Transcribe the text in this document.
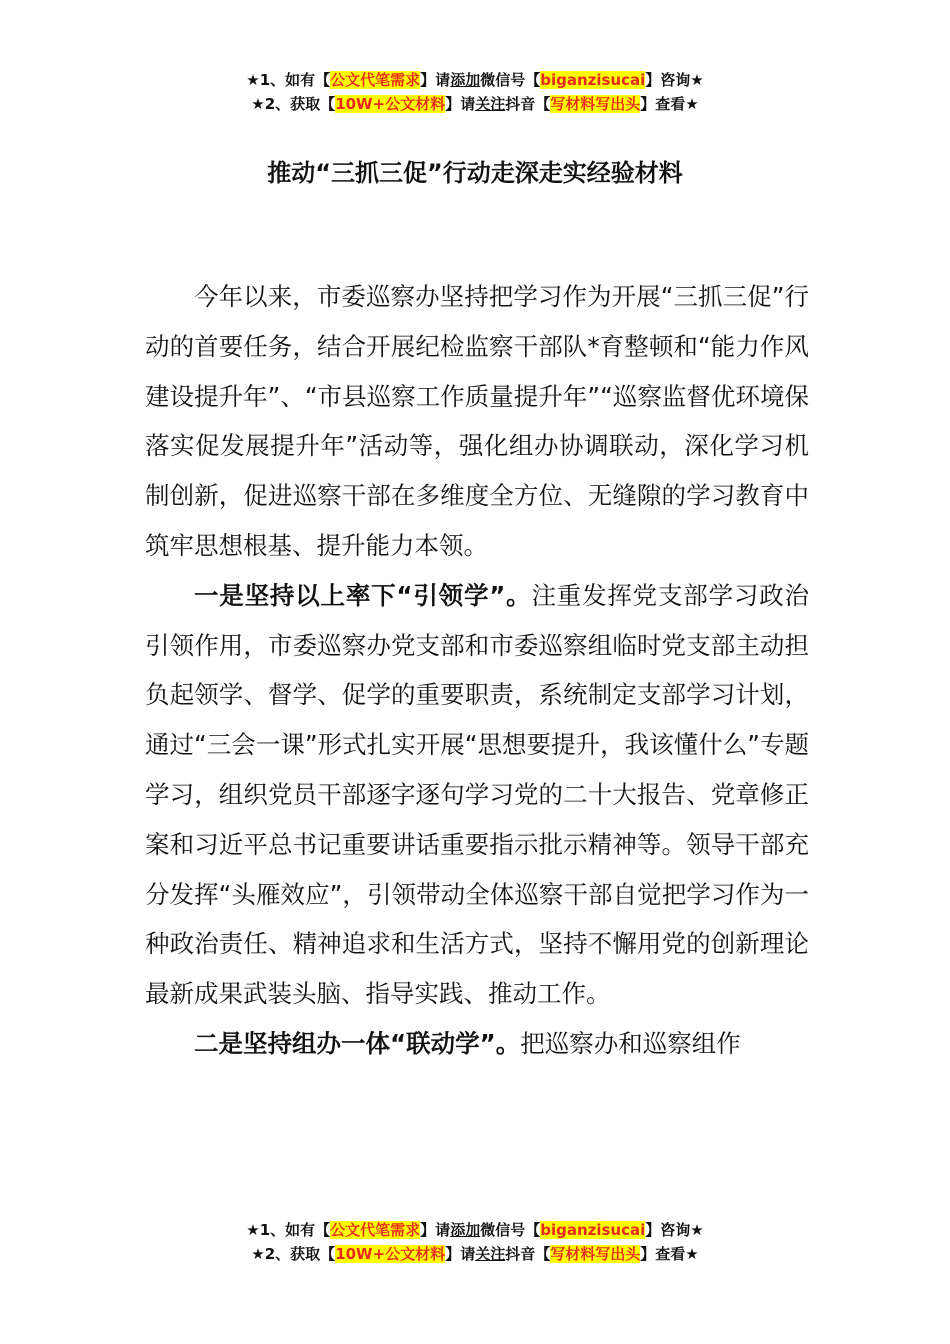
★1、如有【公文代笔需求】请添加微信号【biganzisucai】咨询★
★2、获取【10W+公文材料】请关注抖音【写材料写出头】查看★
推动“三抓三促”行动走深走实经验材料

今年以来，市委巡察办坚持把学习作为开展“三抓三促”行动的首要任务，结合开展纪检监察干部队*育整顿和“能力作风建设提升年”、“市县巡察工作质量提升年”“巡察监督优环境保落实促发展提升年”活动等，强化组办协调联动，深化学习机制创新，促进巡察干部在多维度全方位、无缝隙的学习教育中筑牢思想根基、提升能力本领。

一是坚持以上率下“引领学”。注重发挥党支部学习政治引领作用，市委巡察办党支部和市委巡察组临时党支部主动担负起领学、督学、促学的重要职责，系统制定支部学习计划，通过“三会一课”形式扎实开展“思想要提升，我该懂什么”专题学习，组织党员干部逐字逐句学习党的二十大报告、党章修正案和习近平总书记重要讲话重要指示批示精神等。领导干部充分发挥“头雁效应”，引领带动全体巡察干部自觉把学习作为一种政治责任、精神追求和生活方式，坚持不懈用党的创新理论最新成果武装头脑、指导实践、推动工作。

二是坚持组办一体“联动学”。把巡察办和巡察组作

★1、如有【公文代笔需求】请添加微信号【biganzisucai】咨询★
★2、获取【10W+公文材料】请关注抖音【写材料写出头】查看★
